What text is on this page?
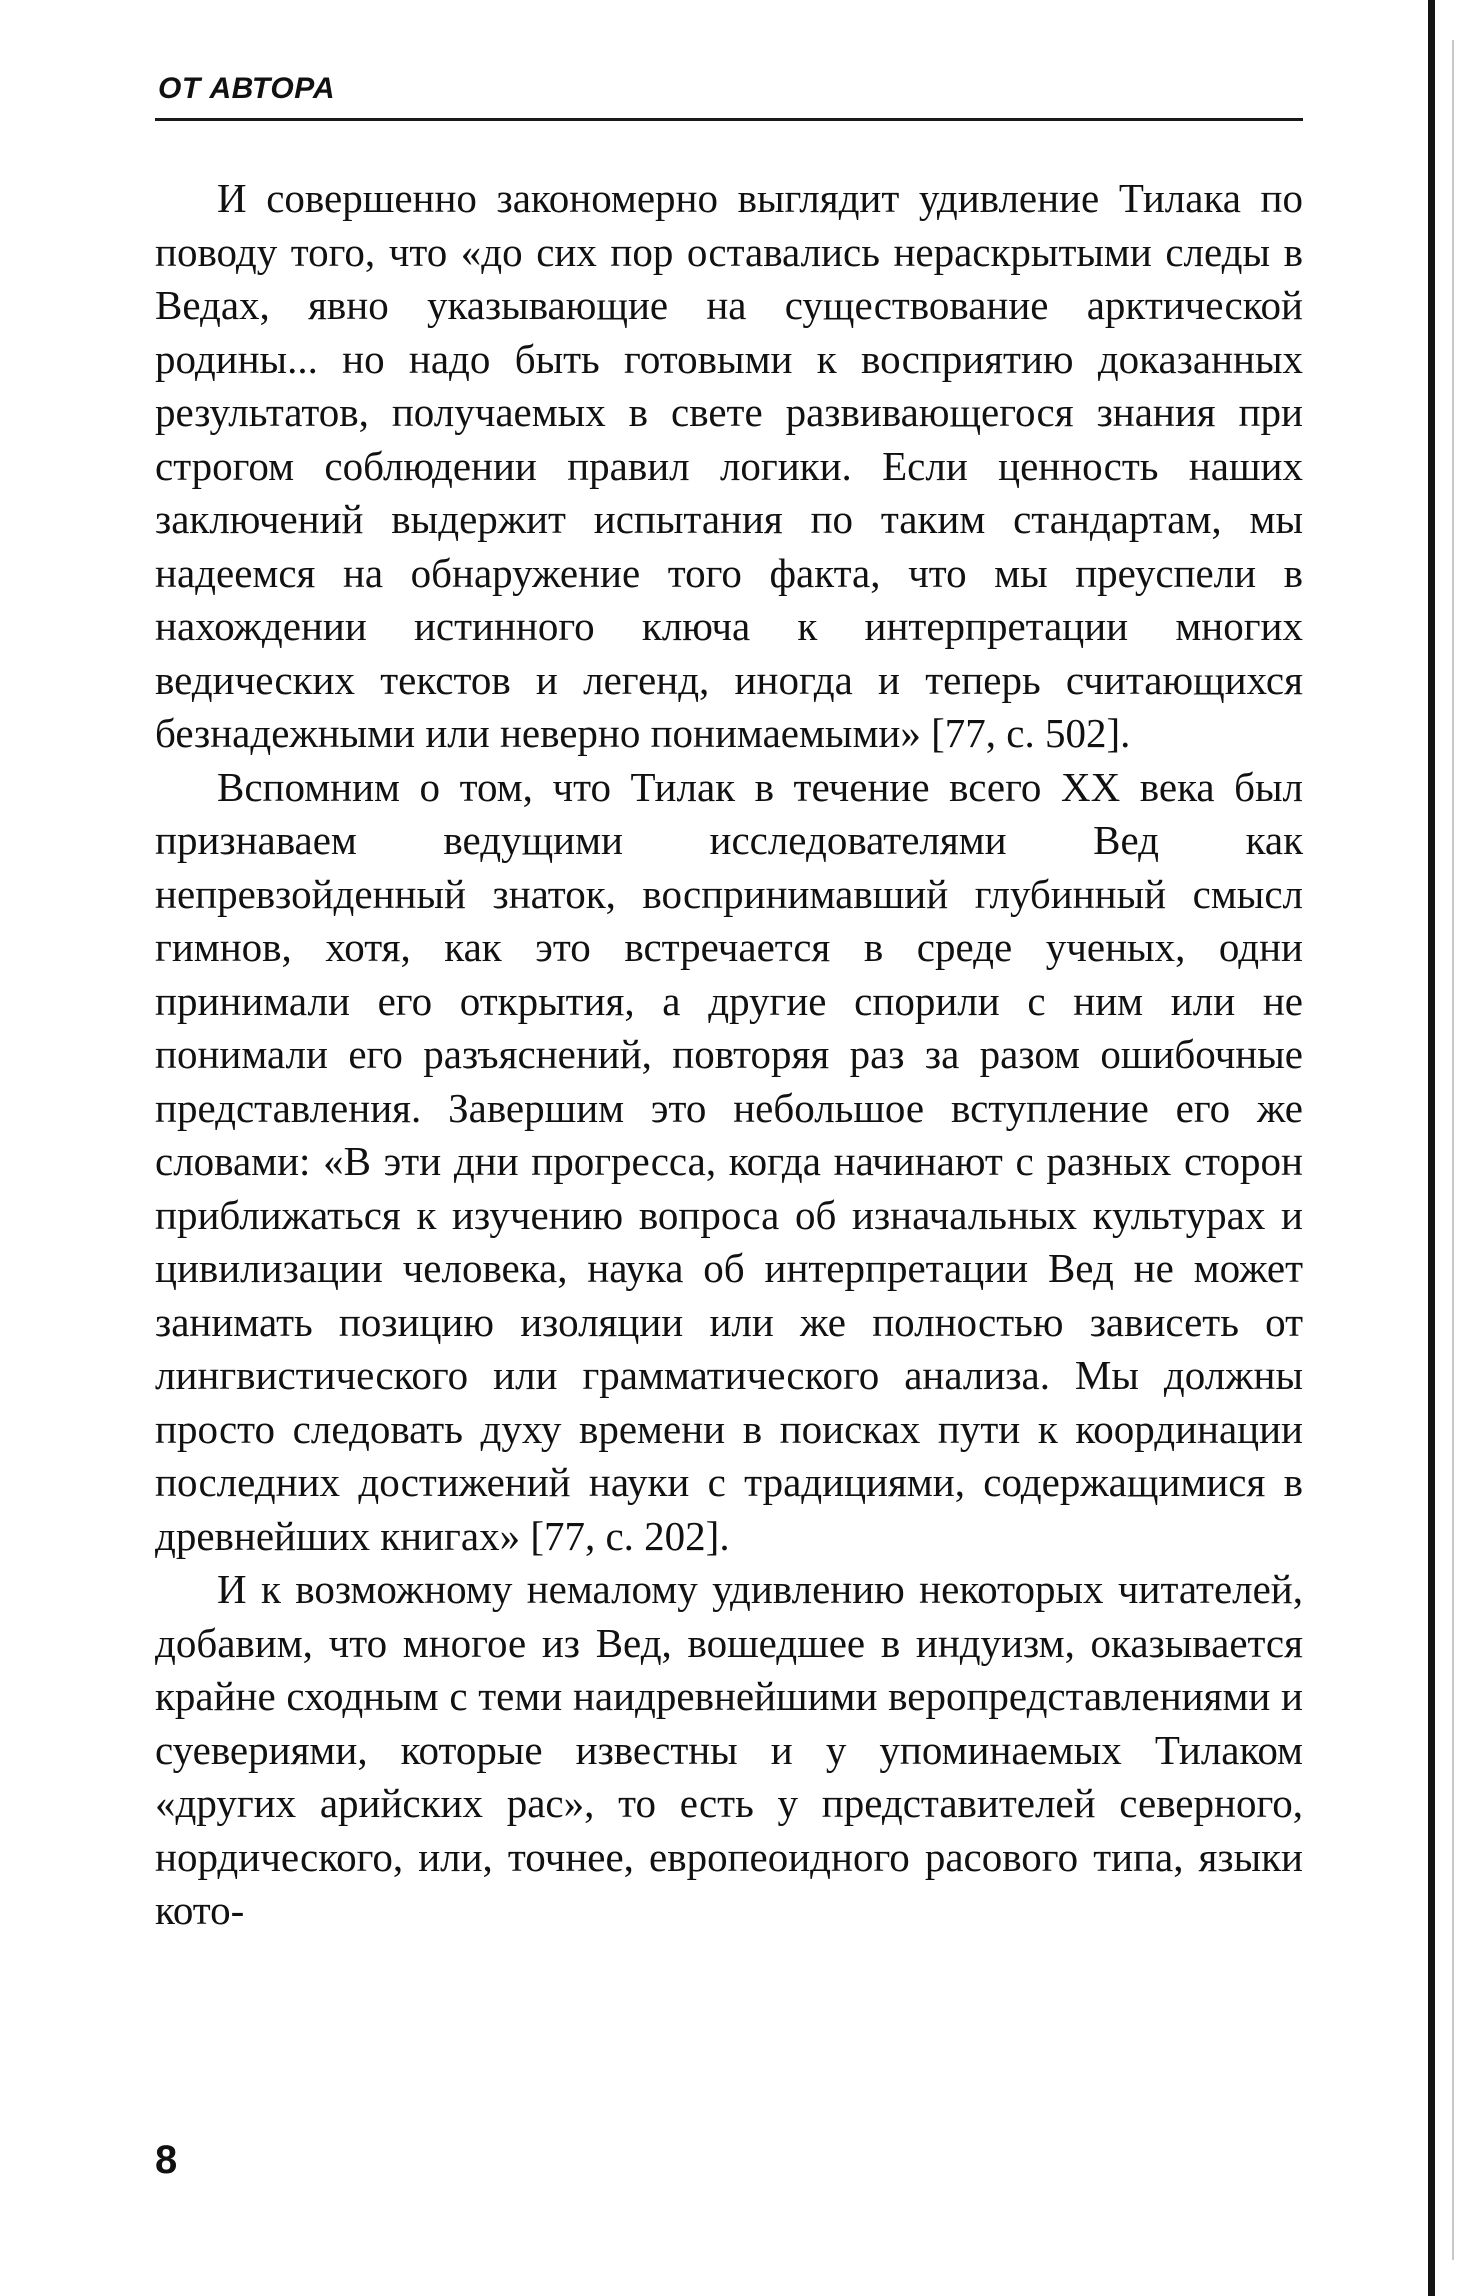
ОТ АВТОРА

И совершенно закономерно выглядит удивление Тилака по поводу того, что «до сих пор оставались нераскрытыми следы в Ведах, явно указывающие на существование арктической родины... но надо быть готовыми к восприятию доказанных результатов, получаемых в свете развивающегося знания при строгом соблюдении правил логики. Если ценность наших заключений выдержит испытания по таким стандартам, мы надеемся на обнаружение того факта, что мы преуспели в нахождении истинного ключа к интерпретации многих ведических текстов и легенд, иногда и теперь считающихся безнадежными или неверно понимаемыми» [77, с. 502].

Вспомним о том, что Тилак в течение всего XX века был признаваем ведущими исследователями Вед как непревзойденный знаток, воспринимавший глубинный смысл гимнов, хотя, как это встречается в среде ученых, одни принимали его открытия, а другие спорили с ним или не понимали его разъяснений, повторяя раз за разом ошибочные представления. Завершим это небольшое вступление его же словами: «В эти дни прогресса, когда начинают с разных сторон приближаться к изучению вопроса об изначальных культурах и цивилизации человека, наука об интерпретации Вед не может занимать позицию изоляции или же полностью зависеть от лингвистического или грамматического анализа. Мы должны просто следовать духу времени в поисках пути к координации последних достижений науки с традициями, содержащимися в древнейших книгах» [77, с. 202].

И к возможному немалому удивлению некоторых читателей, добавим, что многое из Вед, вошедшее в индуизм, оказывается крайне сходным с теми наидревнейшими веропредставлениями и суевериями, которые известны и у упоминаемых Тилаком «других арийских рас», то есть у представителей северного, нордического, или, точнее, европеоидного расового типа, языки кото-

8
